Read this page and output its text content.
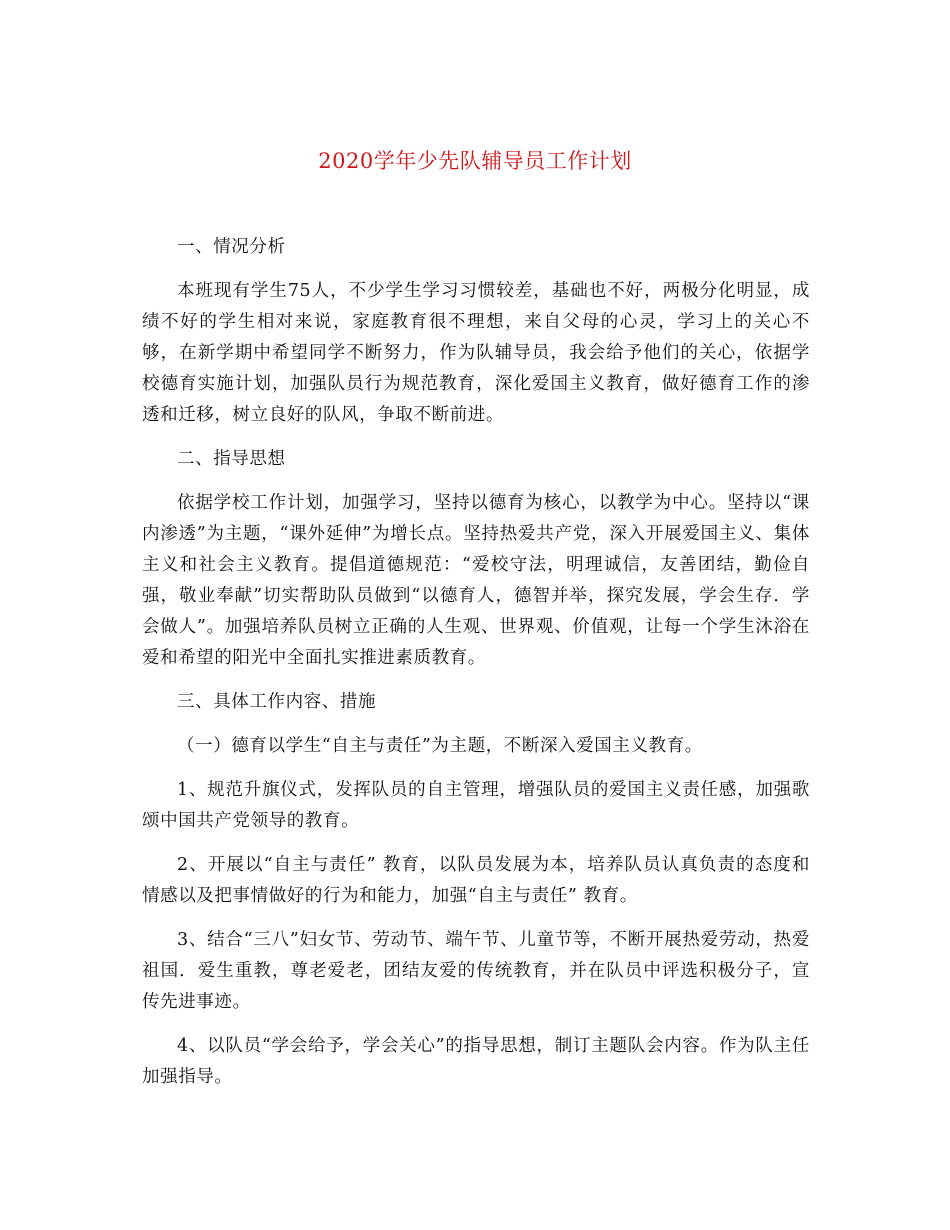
2020学年少先队辅导员工作计划

一、情况分析

本班现有学生75人，不少学生学习习惯较差，基础也不好，两极分化明显，成绩不好的学生相对来说，家庭教育很不理想，来自父母的心灵，学习上的关心不够，在新学期中希望同学不断努力，作为队辅导员，我会给予他们的关心，依据学校德育实施计划，加强队员行为规范教育，深化爱国主义教育，做好德育工作的渗透和迁移，树立良好的队风，争取不断前进。

二、指导思想

依据学校工作计划，加强学习，坚持以德育为核心，以教学为中心。坚持以“课内渗透”为主题，“课外延伸”为增长点。坚持热爱共产党，深入开展爱国主义、集体主义和社会主义教育。提倡道德规范：“爱校守法，明理诚信，友善团结，勤俭自强，敬业奉献”切实帮助队员做到“以德育人，德智并举，探究发展，学会生存．学会做人”。加强培养队员树立正确的人生观、世界观、价值观，让每一个学生沐浴在爱和希望的阳光中全面扎实推进素质教育。

三、具体工作内容、措施

（一）德育以学生“自主与责任”为主题，不断深入爱国主义教育。

1、规范升旗仪式，发挥队员的自主管理，增强队员的爱国主义责任感，加强歌颂中国共产党领导的教育。

2、开展以“自主与责任” 教育，以队员发展为本，培养队员认真负责的态度和情感以及把事情做好的行为和能力，加强“自主与责任” 教育。

3、结合“三八”妇女节、劳动节、端午节、儿童节等，不断开展热爱劳动，热爱祖国．爱生重教，尊老爱老，团结友爱的传统教育，并在队员中评选积极分子，宣传先进事迹。

4、以队员“学会给予，学会关心”的指导思想，制订主题队会内容。作为队主任加强指导。
